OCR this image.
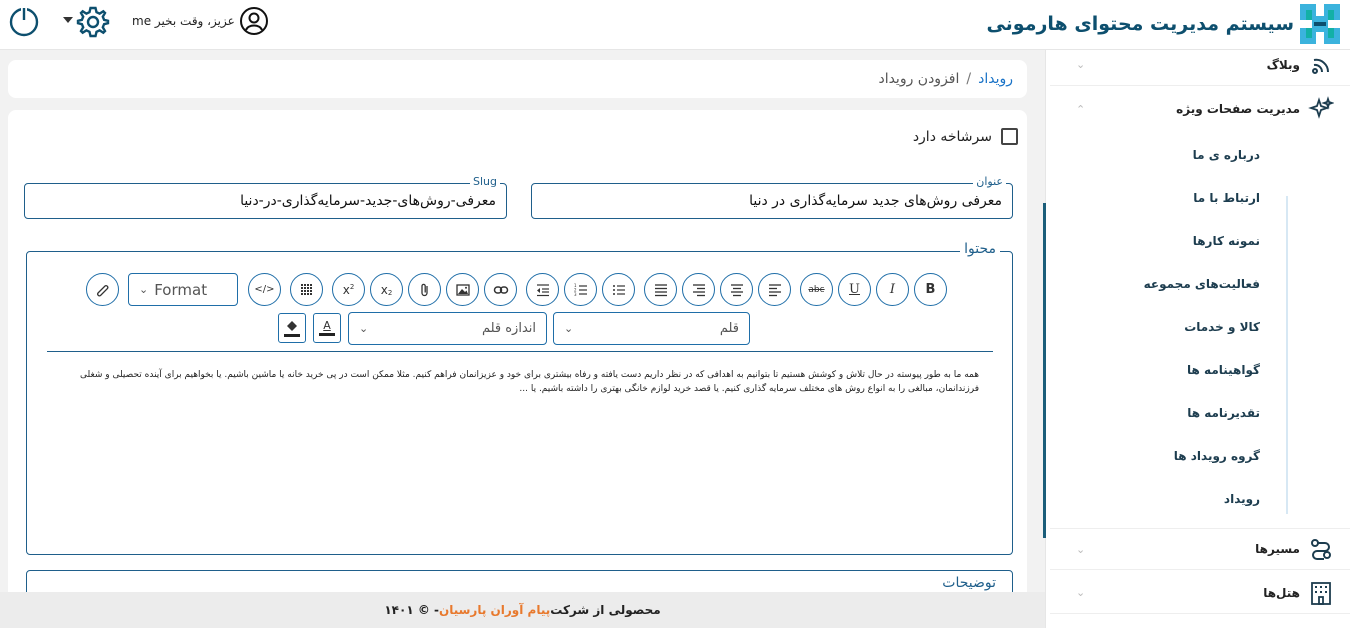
سیستم مدیریت محتوای هارمونی
me عزیز، وقت بخیر
وبلاگ
⌄
مدیریت صفحات ویژه
⌃
درباره ی ما
ارتباط با ما
نمونه کارها
فعالیت‌های مجموعه
کالا و خدمات
گواهینامه ها
تقدیرنامه ها
گروه رویداد ها
رویداد
مسیرها
⌄
هتل‌ها
⌄
رویداد
/
افزودن رویداد
سرشاخه دارد
عنوان
معرفی روش‌های جدید سرمایه‌گذاری در دنیا
Slug
معرفی-روش‌های-جدید-سرمایه‌گذاری-در-دنیا
محتوا
B
I
U
abc
1
2
3
x 2
x 2
</>
⌄ Format
قلم
⌄
اندازه قلم
⌄
A
همه ما به طور پیوسته در حال تلاش و کوشش هستیم تا بتوانیم به اهدافی که در نظر داریم دست یافته و رفاه بیشتری برای خود و عزیزانمان فراهم کنیم. مثلا ممکن است در پی خرید خانه یا ماشین باشیم. یا بخواهیم برای آینده تحصیلی و شغلی فرزندانمان، مبالغی را به انواع روش های مختلف سرمایه گذاری کنیم. یا قصد خرید لوازم خانگی بهتری را داشته باشیم. یا ...
توضیحات
محصولی از شرکت
پیام آوران پارسیان
- © ۱۴۰۱
